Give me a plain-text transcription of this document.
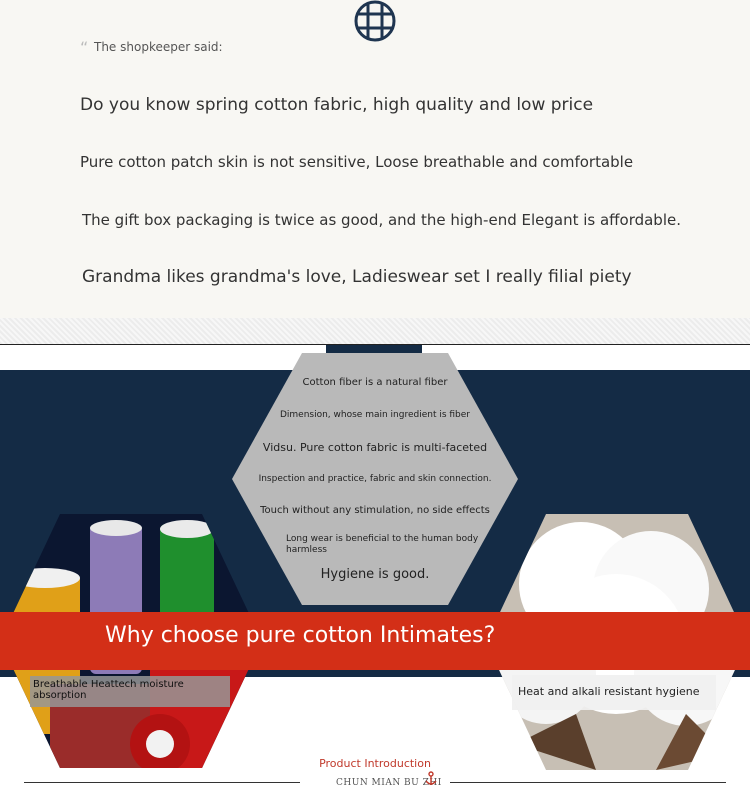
“ The shopkeeper said:
Do you know spring cotton fabric, high quality and low price
Pure cotton patch skin is not sensitive, Loose breathable and comfortable
The gift box packaging is twice as good, and the high-end Elegant is affordable.
Grandma likes grandma's love, Ladieswear set I really filial piety
Cotton fiber is a natural fiber
Dimension, whose main ingredient is fiber
Vidsu. Pure cotton fabric is multi-faceted
Inspection and practice, fabric and skin connection.
Touch without any stimulation, no side effects
Long wear is beneficial to the human body
harmless
Hygiene is good.
Why choose pure cotton Intimates?
Breathable Heattech moisture absorption	Heat and alkali resistant hygiene
Product Introduction
CHUN MIAN BU ZHI
